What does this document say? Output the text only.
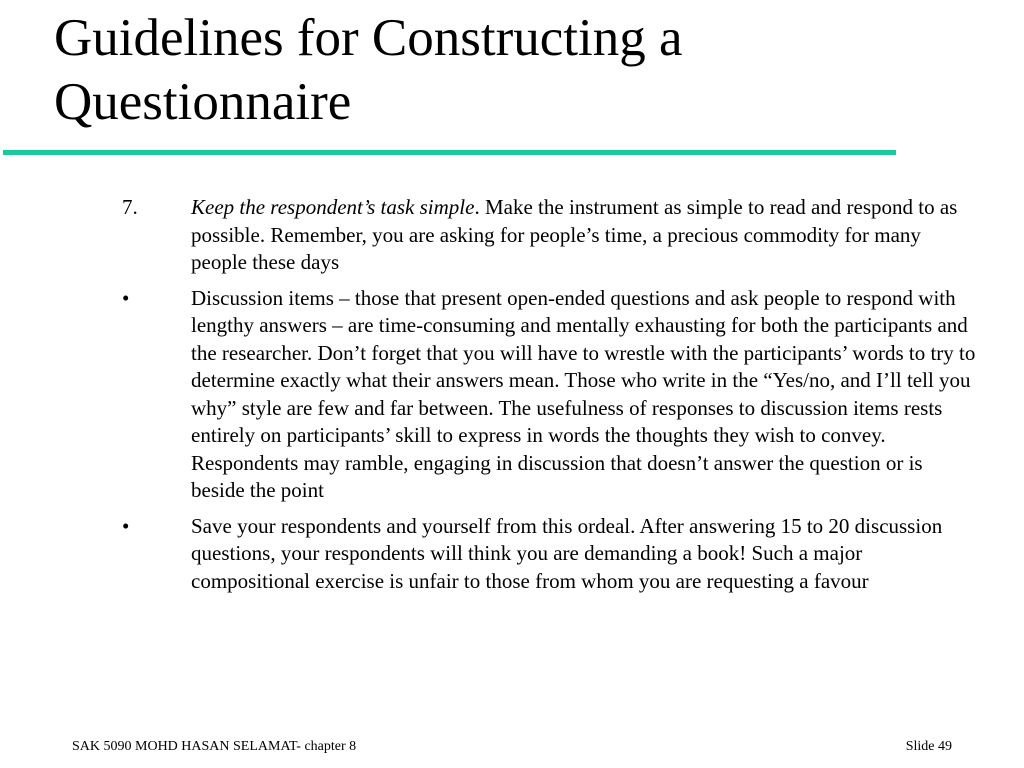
Guidelines for Constructing a Questionnaire
7.	Keep the respondent’s task simple. Make the instrument as simple to read and respond to as possible. Remember, you are asking for people’s time, a precious commodity for many people these days
•	Discussion items – those that present open-ended questions and ask people to respond with lengthy answers – are time-consuming and mentally exhausting for both the participants and the researcher. Don’t forget that you will have to wrestle with the participants’ words to try to determine exactly what their answers mean. Those who write in the “Yes/no, and I’ll tell you why” style are few and far between. The usefulness of responses to discussion items rests entirely on participants’ skill to express in words the thoughts they wish to convey. Respondents may ramble, engaging in discussion that doesn’t answer the question or is beside the point
•	Save your respondents and yourself from this ordeal. After answering 15 to 20 discussion questions, your respondents will think you are demanding a book! Such a major compositional exercise is unfair to those from whom you are requesting a favour
SAK 5090 MOHD HASAN SELAMAT- chapter 8	Slide 49
